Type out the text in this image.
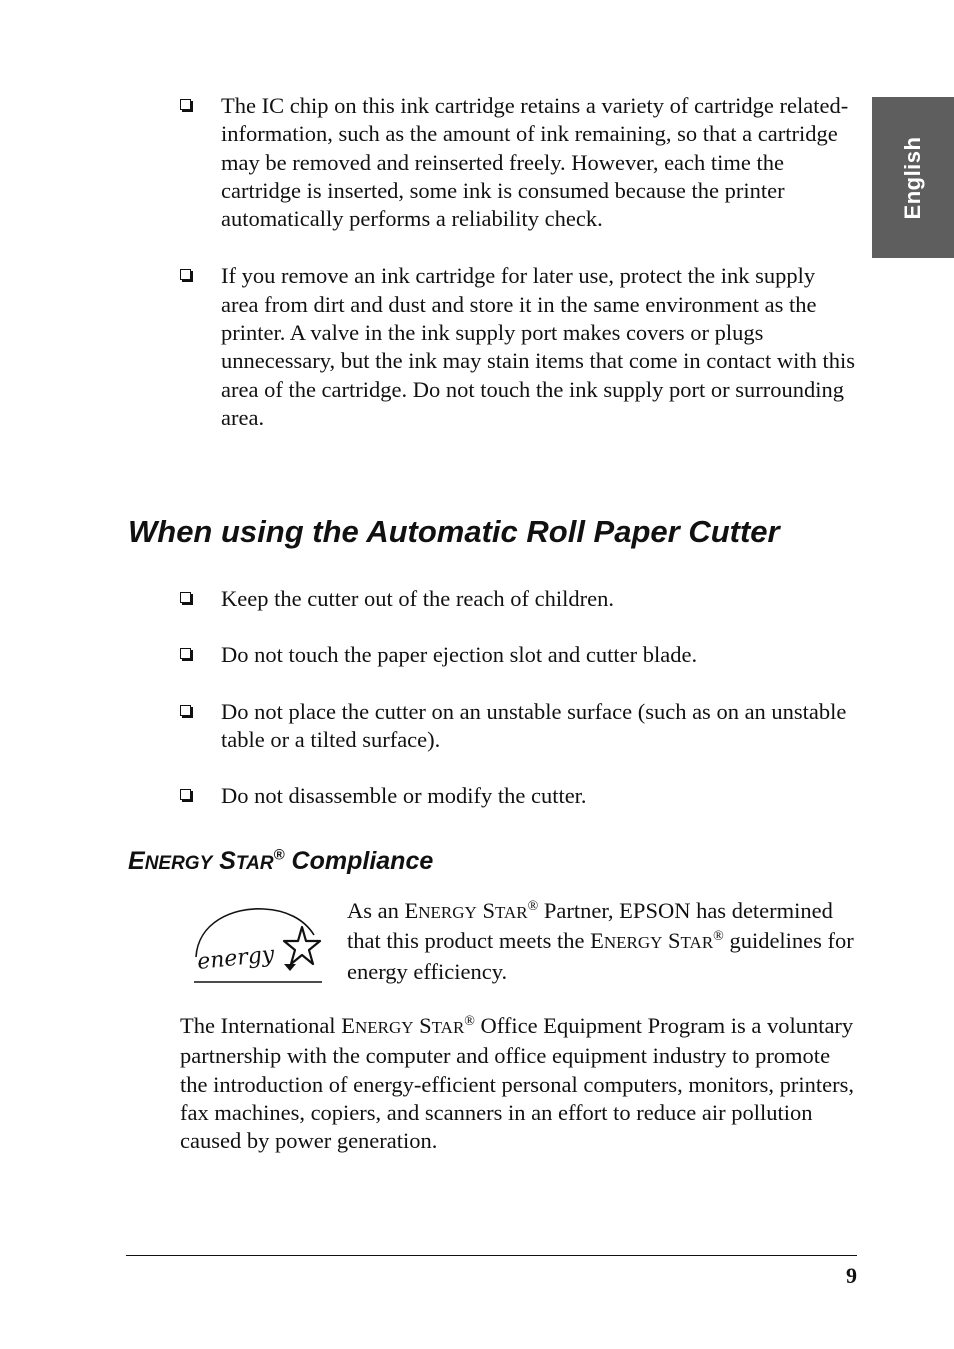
English
The IC chip on this ink cartridge retains a variety of cartridge related-information, such as the amount of ink remaining, so that a cartridge may be removed and reinserted freely. However, each time the cartridge is inserted, some ink is consumed because the printer automatically performs a reliability check.
If you remove an ink cartridge for later use, protect the ink supply area from dirt and dust and store it in the same environment as the printer. A valve in the ink supply port makes covers or plugs unnecessary, but the ink may stain items that come in contact with this area of the cartridge. Do not touch the ink supply port or surrounding area.
When using the Automatic Roll Paper Cutter
Keep the cutter out of the reach of children.
Do not touch the paper ejection slot and cutter blade.
Do not place the cutter on an unstable surface (such as on an unstable table or a tilted surface).
Do not disassemble or modify the cutter.
ENERGY STAR® Compliance
energy

As an ENERGY STAR® Partner, EPSON has determined that this product meets the ENERGY STAR® guidelines for energy efficiency.

The International ENERGY STAR® Office Equipment Program is a voluntary partnership with the computer and office equipment industry to promote the introduction of energy-efficient personal computers, monitors, printers, fax machines, copiers, and scanners in an effort to reduce air pollution caused by power generation.

9
